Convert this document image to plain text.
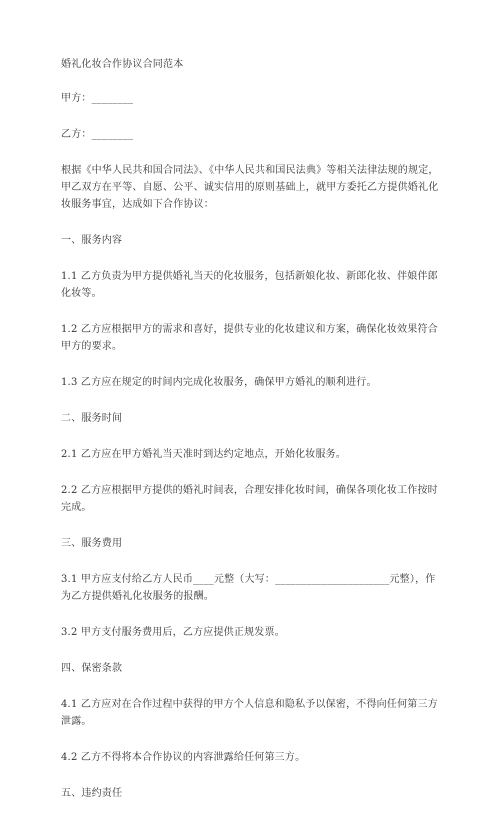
婚礼化妆合作协议合同范本
甲方：________
乙方：________
根据《中华人民共和国合同法》、《中华人民共和国民法典》等相关法律法规的规定，甲乙双方在平等、自愿、公平、诚实信用的原则基础上，就甲方委托乙方提供婚礼化妆服务事宜，达成如下合作协议：
一、服务内容
1.1 乙方负责为甲方提供婚礼当天的化妆服务，包括新娘化妆、新郎化妆、伴娘伴郎化妆等。
1.2 乙方应根据甲方的需求和喜好，提供专业的化妆建议和方案，确保化妆效果符合甲方的要求。
1.3 乙方应在规定的时间内完成化妆服务，确保甲方婚礼的顺利进行。
二、服务时间
2.1 乙方应在甲方婚礼当天准时到达约定地点，开始化妆服务。
2.2 乙方应根据甲方提供的婚礼时间表，合理安排化妆时间，确保各项化妆工作按时完成。
三、服务费用
3.1 甲方应支付给乙方人民币____元整（大写：______________________元整），作为乙方提供婚礼化妆服务的报酬。
3.2 甲方支付服务费用后，乙方应提供正规发票。
四、保密条款
4.1 乙方应对在合作过程中获得的甲方个人信息和隐私予以保密，不得向任何第三方泄露。
4.2 乙方不得将本合作协议的内容泄露给任何第三方。
五、违约责任
